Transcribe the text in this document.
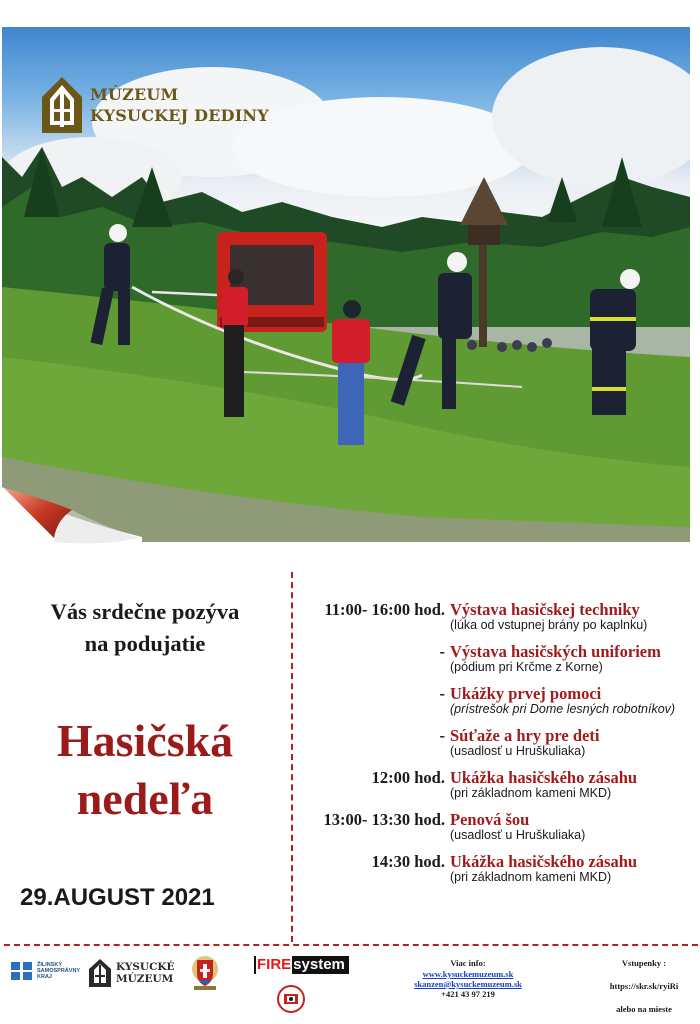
MÚZEUM
KYSUCKEJ DEDINY
Vás srdečne pozýva
na podujatie
Hasičská
nedeľa
29.AUGUST 2021
11:00- 16:00 hod. Výstava hasičskej techniky
(lúka od vstupnej brány po kaplnku)
- Výstava hasičských uniforiem
(pódium pri Krčme z Korne)
- Ukážky prvej pomoci
(prístrešok pri Dome lesných robotníkov)
- Súťaže a hry pre deti
(usadlosť u Hruškuliaka)
12:00 hod. Ukážka hasičského zásahu
(pri základnom kameni MKD)
13:00- 13:30 hod. Penová šou
(usadlosť u Hruškuliaka)
14:30 hod. Ukážka hasičského zásahu
(pri základnom kameni MKD)
ŽILINSKÝ
SAMOSPRÁVNY
KRAJ
KYSUCKÉ
MÚZEUM
FIRE system	Viac info:
www.kysuckemuzeum.sk
skanzen@kysuckemuzeum.sk
+421 43 97 219
Vstupenky :
https://skr.sk/ryiRi
alebo na mieste
